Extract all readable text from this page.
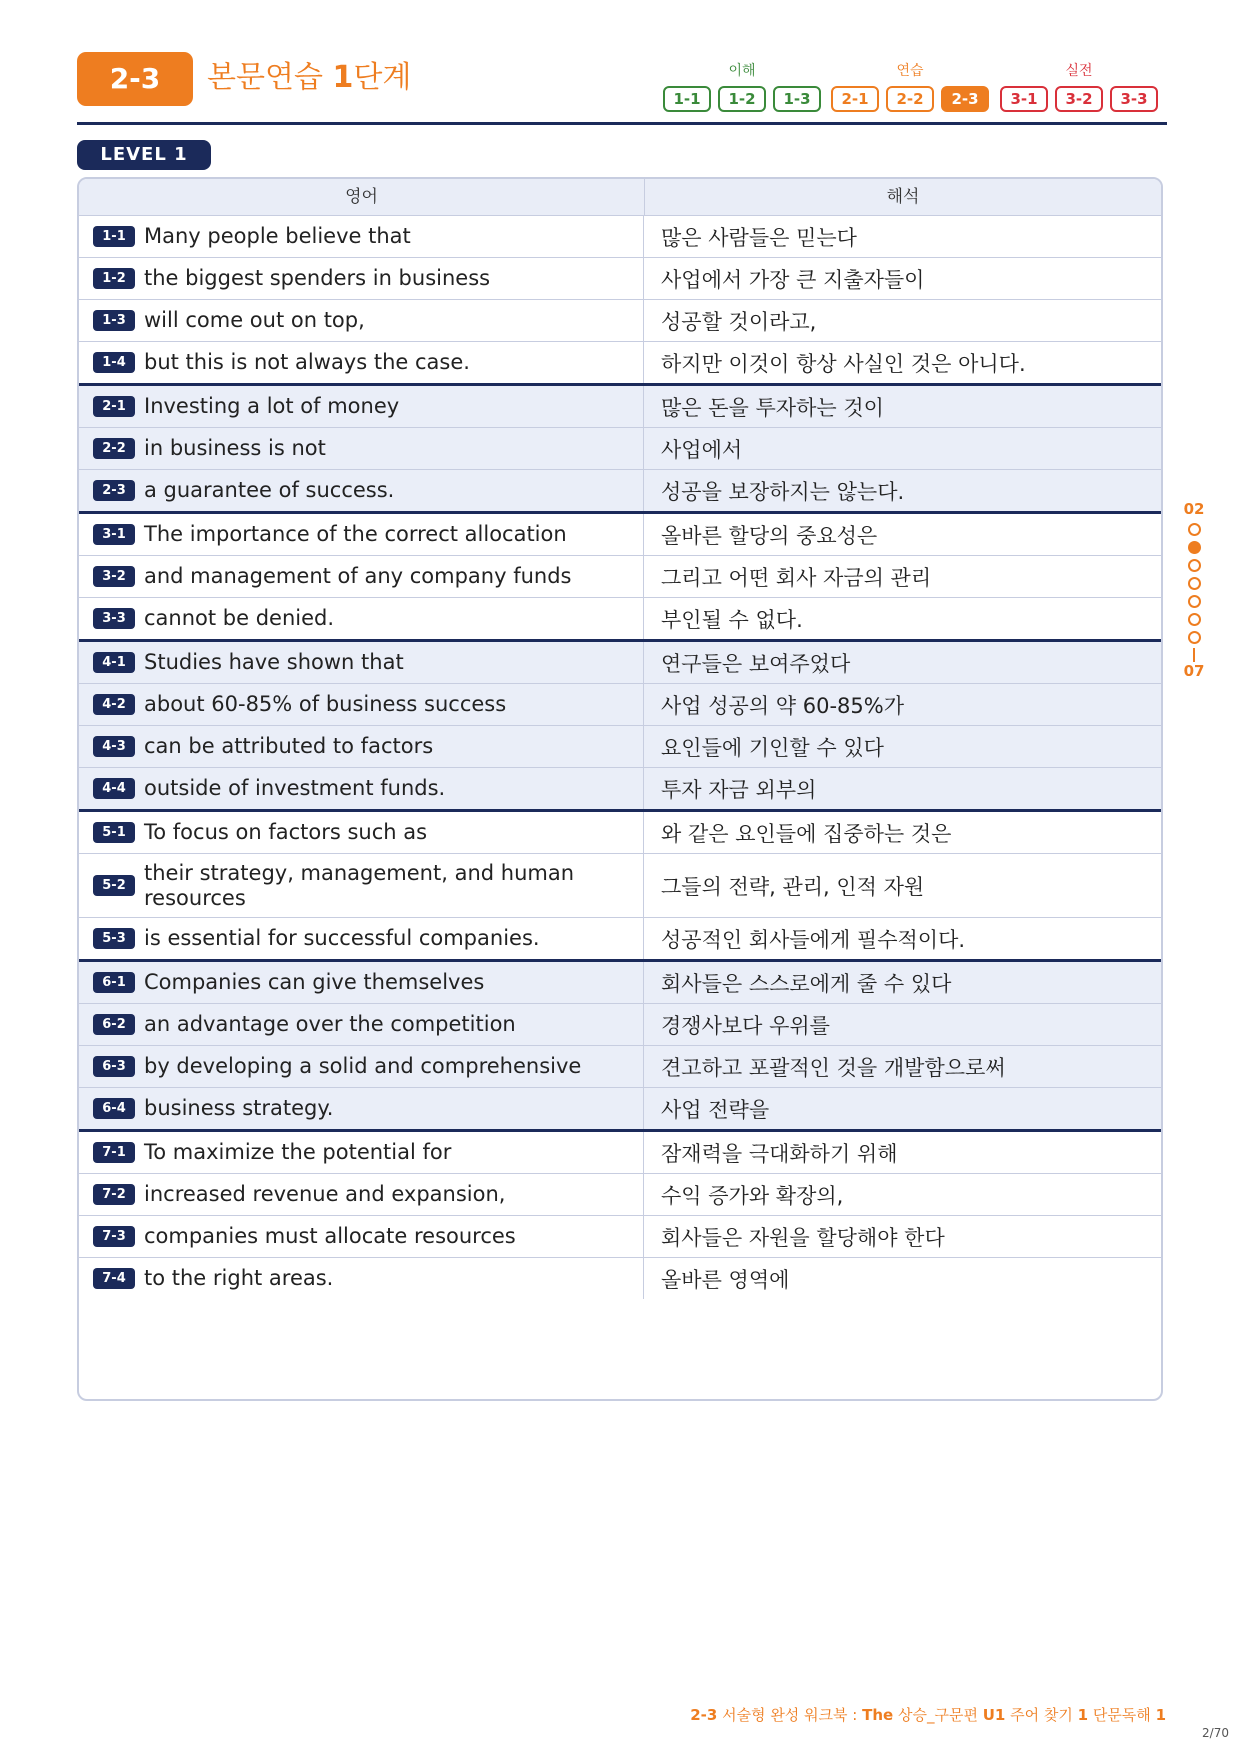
2-3	본문연습 1단계	이해
1-1	1-2	1-3
연습
2-1	2-2	2-3
실전
3-1	3-2	3-3
LEVEL 1
영어	해석
1-1 Many people believe that	많은 사람들은 믿는다
1-2 the biggest spenders in business	사업에서 가장 큰 지출자들이
1-3 will come out on top,	성공할 것이라고,
1-4 but this is not always the case.	하지만 이것이 항상 사실인 것은 아니다.
2-1 Investing a lot of money	많은 돈을 투자하는 것이
2-2 in business is not	사업에서
2-3 a guarantee of success.	성공을 보장하지는 않는다.
3-1 The importance of the correct allocation	올바른 할당의 중요성은
3-2 and management of any company funds	그리고 어떤 회사 자금의 관리
3-3 cannot be denied.	부인될 수 없다.
4-1 Studies have shown that	연구들은 보여주었다
4-2 about 60-85% of business success	사업 성공의 약 60-85%가
4-3 can be attributed to factors	요인들에 기인할 수 있다
4-4 outside of investment funds.	투자 자금 외부의
5-1 To focus on factors such as	와 같은 요인들에 집중하는 것은
5-2
their strategy, management, and human resources	그들의 전략, 관리, 인적 자원
5-3 is essential for successful companies.	성공적인 회사들에게 필수적이다.
6-1 Companies can give themselves	회사들은 스스로에게 줄 수 있다
6-2 an advantage over the competition	경쟁사보다 우위를
6-3 by developing a solid and comprehensive	견고하고 포괄적인 것을 개발함으로써
6-4 business strategy.	사업 전략을
7-1 To maximize the potential for	잠재력을 극대화하기 위해
7-2 increased revenue and expansion,	수익 증가와 확장의,
7-3 companies must allocate resources	회사들은 자원을 할당해야 한다
7-4 to the right areas.	올바른 영역에
02
07
2-3 서술형 완성 워크북 : The 상승_구문편 U1 주어 찾기 1 단문독해 1
2/70
